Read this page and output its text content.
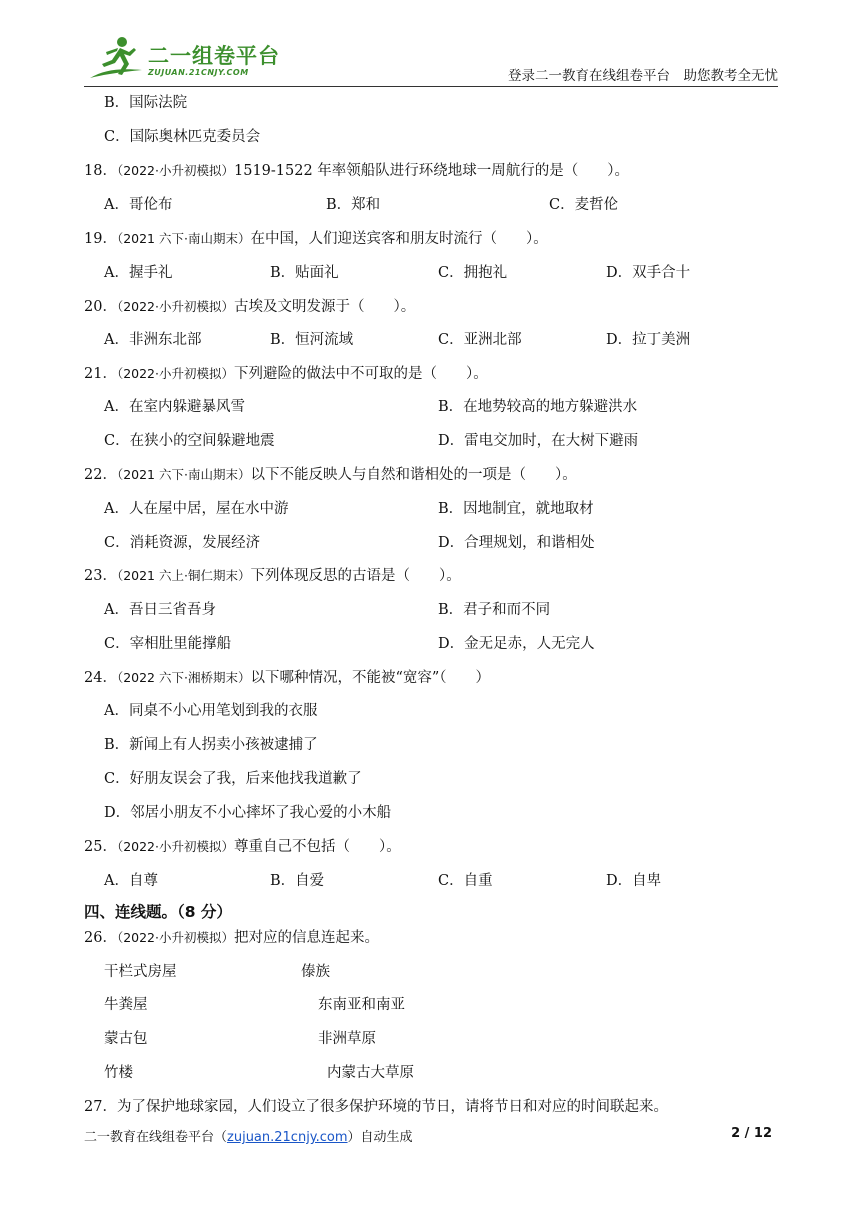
二一组卷平台
ZUJUAN.21CNJY.COM	登录二一教育在线组卷平台　助您教考全无忧
B．国际法院
C．国际奥林匹克委员会
18．（2022·小升初模拟）1519-1522 年率领船队进行环绕地球一周航行的是（　　）。
A．哥伦布	B．郑和	C．麦哲伦
19．（2021 六下·南山期末）在中国，人们迎送宾客和朋友时流行（　　）。
A．握手礼	B．贴面礼	C．拥抱礼	D．双手合十
20．（2022·小升初模拟）古埃及文明发源于（　　）。
A．非洲东北部	B．恒河流域	C．亚洲北部	D．拉丁美洲
21．（2022·小升初模拟）下列避险的做法中不可取的是（　　）。
A．在室内躲避暴风雪	B．在地势较高的地方躲避洪水
C．在狭小的空间躲避地震	D．雷电交加时，在大树下避雨
22．（2021 六下·南山期末）以下不能反映人与自然和谐相处的一项是（　　）。
A．人在屋中居，屋在水中游	B．因地制宜，就地取材
C．消耗资源，发展经济	D．合理规划，和谐相处
23．（2021 六上·铜仁期末）下列体现反思的古语是（　　）。
A．吾日三省吾身	B．君子和而不同
C．宰相肚里能撑船	D．金无足赤，人无完人
24．（2022 六下·湘桥期末）以下哪种情况，不能被“宽容”（　　）
A．同桌不小心用笔划到我的衣服
B．新闻上有人拐卖小孩被逮捕了
C．好朋友误会了我，后来他找我道歉了
D．邻居小朋友不小心摔坏了我心爱的小木船
25．（2022·小升初模拟）尊重自己不包括（　　）。
A．自尊	B．自爱	C．自重	D．自卑
四、连线题。（8 分）
26．（2022·小升初模拟）把对应的信息连起来。
干栏式房屋	傣族
牛粪屋	东南亚和南亚
蒙古包	非洲草原
竹楼	内蒙古大草原
27．为了保护地球家园，人们设立了很多保护环境的节日，请将节日和对应的时间联起来。
二一教育在线组卷平台（zujuan.21cnjy.com）自动生成	2 / 12
